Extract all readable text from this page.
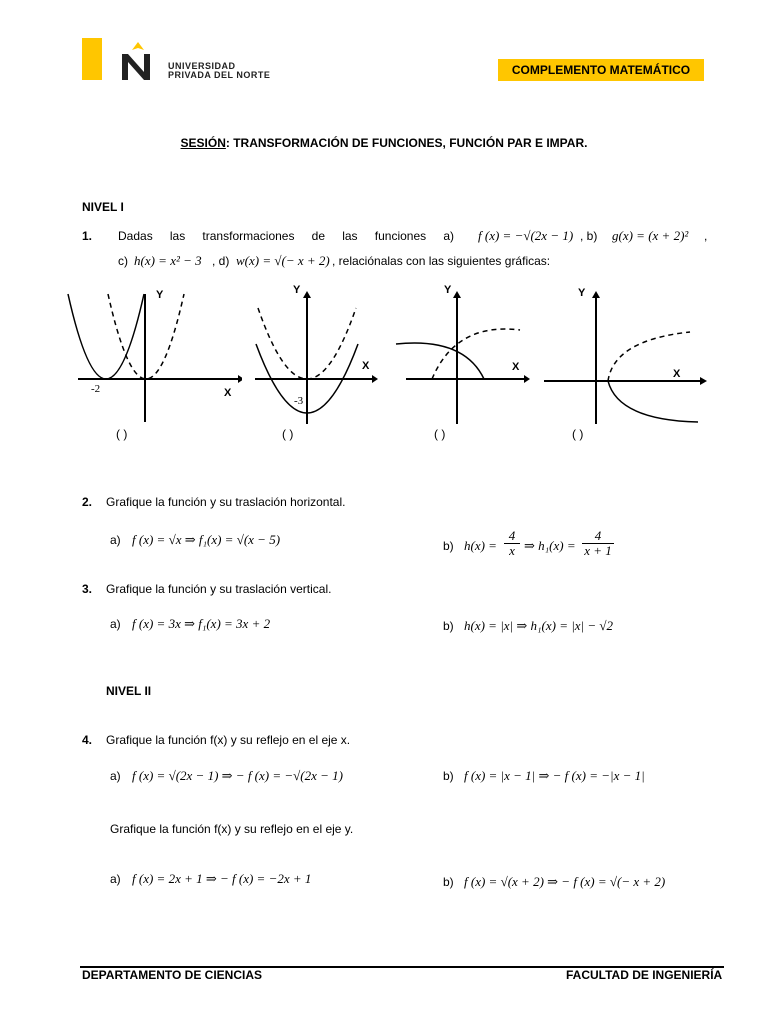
UNIVERSIDAD
PRIVADA DEL NORTE	COMPLEMENTO MATEMÁTICO
SESIÓN: TRANSFORMACIÓN DE FUNCIONES, FUNCIÓN PAR E IMPAR.
NIVEL I
1. Dadas las transformaciones de las funciones a) f (x) = −√(2x − 1) , b) g(x) = (x + 2)² ,
c) h(x) = x² − 3 , d) w(x) = √(− x + 2) , relaciónalas con las siguientes gráficas:
Y
X
-2
( )
Y
X
-3
( )
Y
X
( )
Y
X
( )
2. Grafique la función y su traslación horizontal.
a) f (x) = √x ⇒ f₁(x) = √(x − 5)	b) $h(x) = \frac{4}{x}$ ⇒ $h_1(x) = \frac{4}{x + 1}$
3. Grafique la función y su traslación vertical.
a) f (x) = 3x ⇒ f₁(x) = 3x + 2	b) h(x) = |x| ⇒ h₁(x) = |x| − √2
NIVEL II
4. Grafique la función f(x) y su reflejo en el eje x.
a) f (x) = √(2x − 1) ⇒ − f (x) = −√(2x − 1)	b) f (x) = |x − 1| ⇒ − f (x) = −|x − 1|
Grafique la función f(x) y su reflejo en el eje y.
a) f (x) = 2x + 1 ⇒ − f (x) = −2x + 1	b) f (x) = √(x + 2) ⇒ − f (x) = √(− x + 2)
DEPARTAMENTO DE CIENCIAS	FACULTAD DE INGENIERÍA
